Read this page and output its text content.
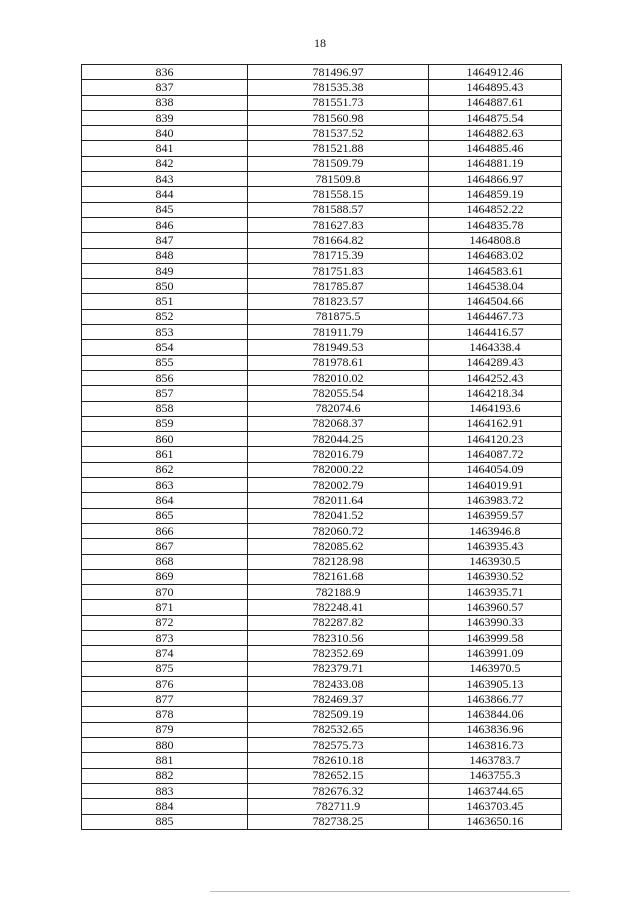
18
836	781496.97	1464912.46
837	781535.38	1464895.43
838	781551.73	1464887.61
839	781560.98	1464875.54
840	781537.52	1464882.63
841	781521.88	1464885.46
842	781509.79	1464881.19
843	781509.8	1464866.97
844	781558.15	1464859.19
845	781588.57	1464852.22
846	781627.83	1464835.78
847	781664.82	1464808.8
848	781715.39	1464683.02
849	781751.83	1464583.61
850	781785.87	1464538.04
851	781823.57	1464504.66
852	781875.5	1464467.73
853	781911.79	1464416.57
854	781949.53	1464338.4
855	781978.61	1464289.43
856	782010.02	1464252.43
857	782055.54	1464218.34
858	782074.6	1464193.6
859	782068.37	1464162.91
860	782044.25	1464120.23
861	782016.79	1464087.72
862	782000.22	1464054.09
863	782002.79	1464019.91
864	782011.64	1463983.72
865	782041.52	1463959.57
866	782060.72	1463946.8
867	782085.62	1463935.43
868	782128.98	1463930.5
869	782161.68	1463930.52
870	782188.9	1463935.71
871	782248.41	1463960.57
872	782287.82	1463990.33
873	782310.56	1463999.58
874	782352.69	1463991.09
875	782379.71	1463970.5
876	782433.08	1463905.13
877	782469.37	1463866.77
878	782509.19	1463844.06
879	782532.65	1463836.96
880	782575.73	1463816.73
881	782610.18	1463783.7
882	782652.15	1463755.3
883	782676.32	1463744.65
884	782711.9	1463703.45
885	782738.25	1463650.16
